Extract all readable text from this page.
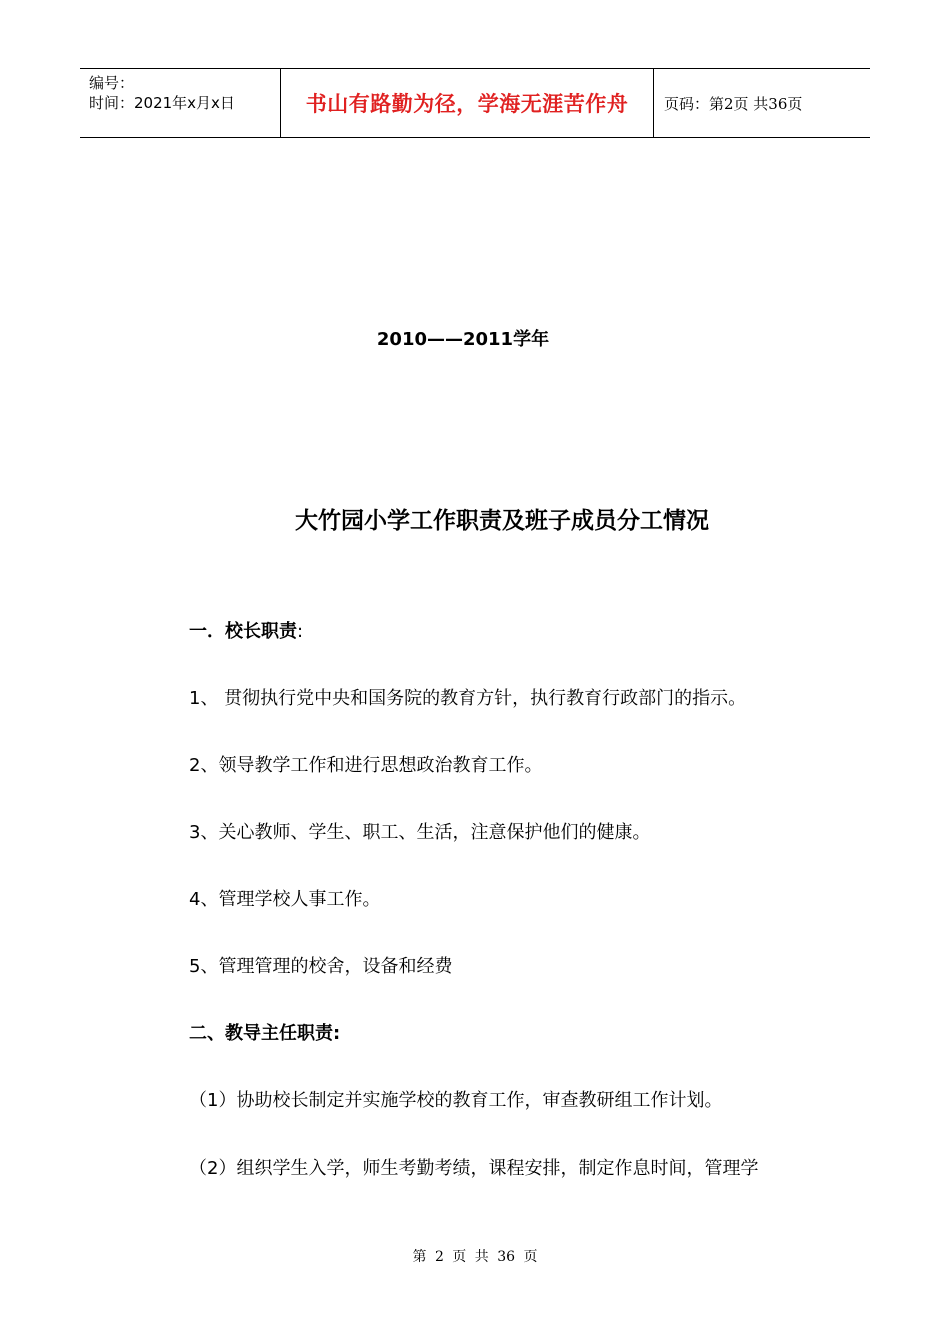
编号：
时间：2021年x月x日	书山有路勤为径，学海无涯苦作舟 页码：第2页 共36页
2010——2011学年
大竹园小学工作职责及班子成员分工情况
一．校长职责:
1、 贯彻执行党中央和国务院的教育方针，执行教育行政部门的指示。
2、领导教学工作和进行思想政治教育工作。
3、关心教师、学生、职工、生活，注意保护他们的健康。
4、管理学校人事工作。
5、管理管理的校舍，设备和经费
二、教导主任职责:
（1）协助校长制定并实施学校的教育工作，审查教研组工作计划。
（2）组织学生入学，师生考勤考绩，课程安排，制定作息时间，管理学
第 2 页 共 36 页
